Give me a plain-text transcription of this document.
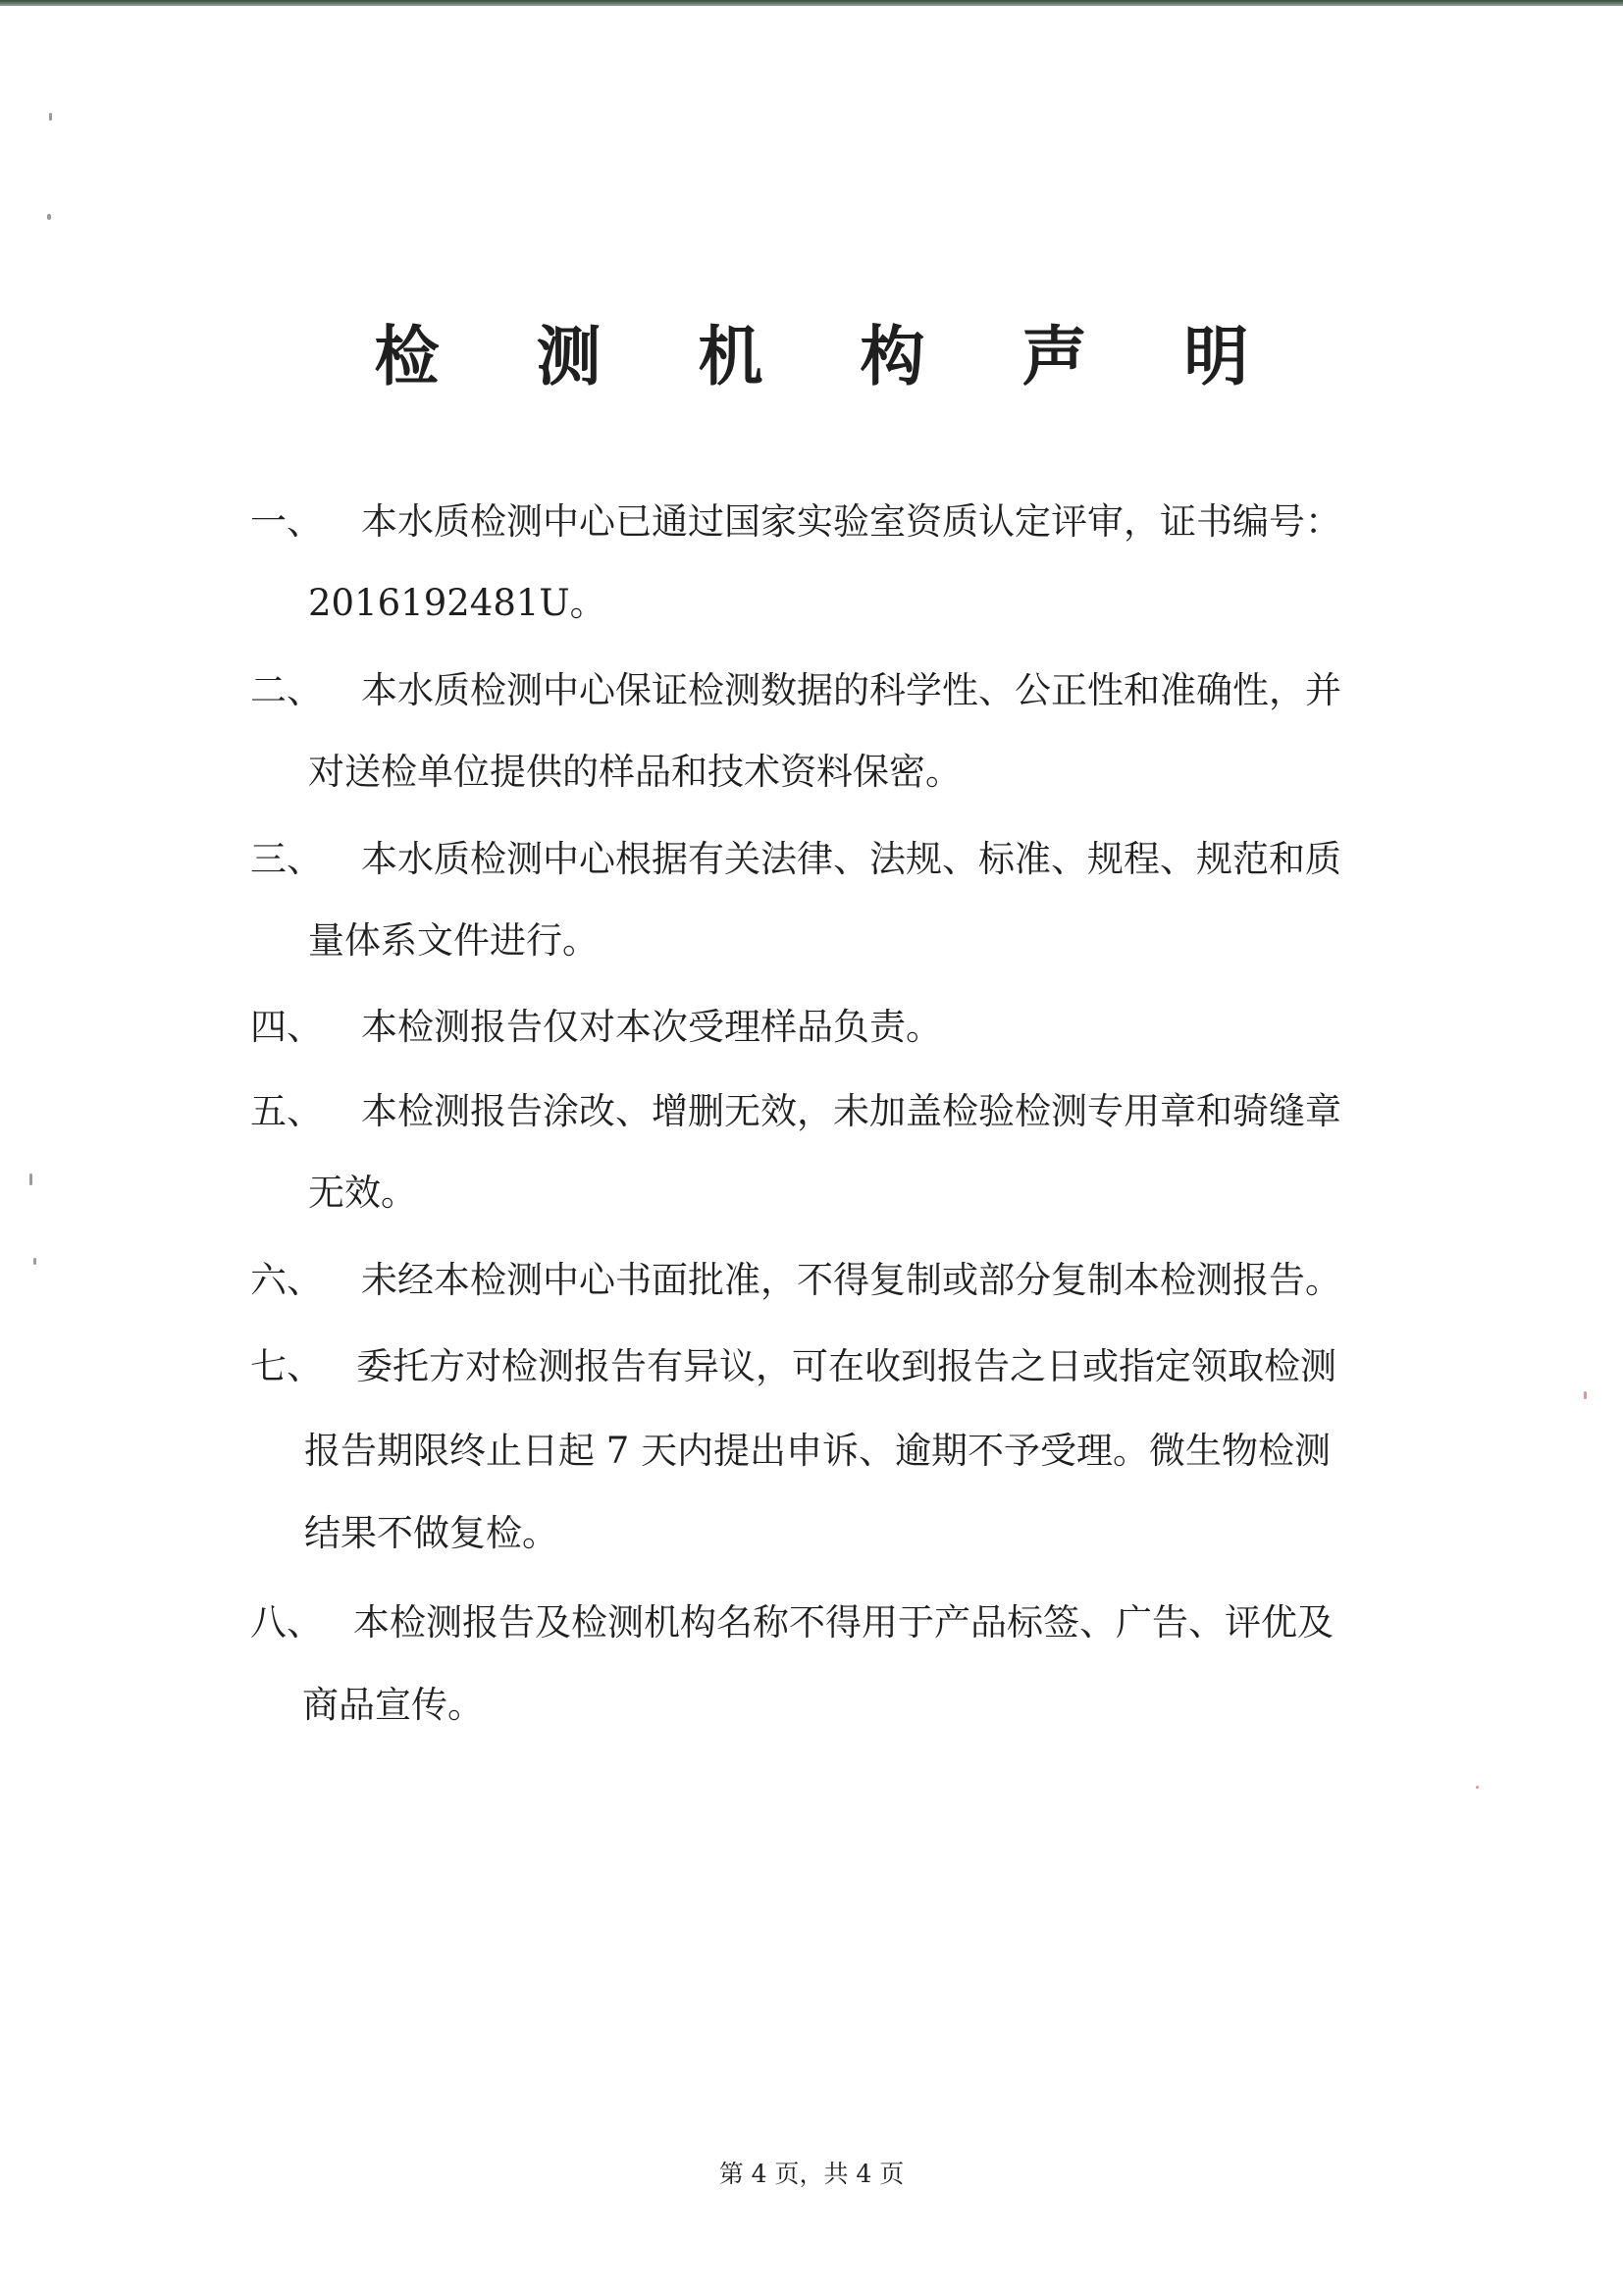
检 测 机 构 声 明
一、 本水质检测中心已通过国家实验室资质认定评审，证书编号：
2016192481U。
二、 本水质检测中心保证检测数据的科学性、公正性和准确性，并
对送检单位提供的样品和技术资料保密。
三、 本水质检测中心根据有关法律、法规、标准、规程、规范和质
量体系文件进行。
四、 本检测报告仅对本次受理样品负责。
五、 本检测报告涂改、增删无效，未加盖检验检测专用章和骑缝章
无效。
六、 未经本检测中心书面批准，不得复制或部分复制本检测报告。
七、 委托方对检测报告有异议，可在收到报告之日或指定领取检测
报告期限终止日起 7 天内提出申诉、逾期不予受理。微生物检测
结果不做复检。
八、 本检测报告及检测机构名称不得用于产品标签、广告、评优及
商品宣传。
第 4 页，共 4 页
